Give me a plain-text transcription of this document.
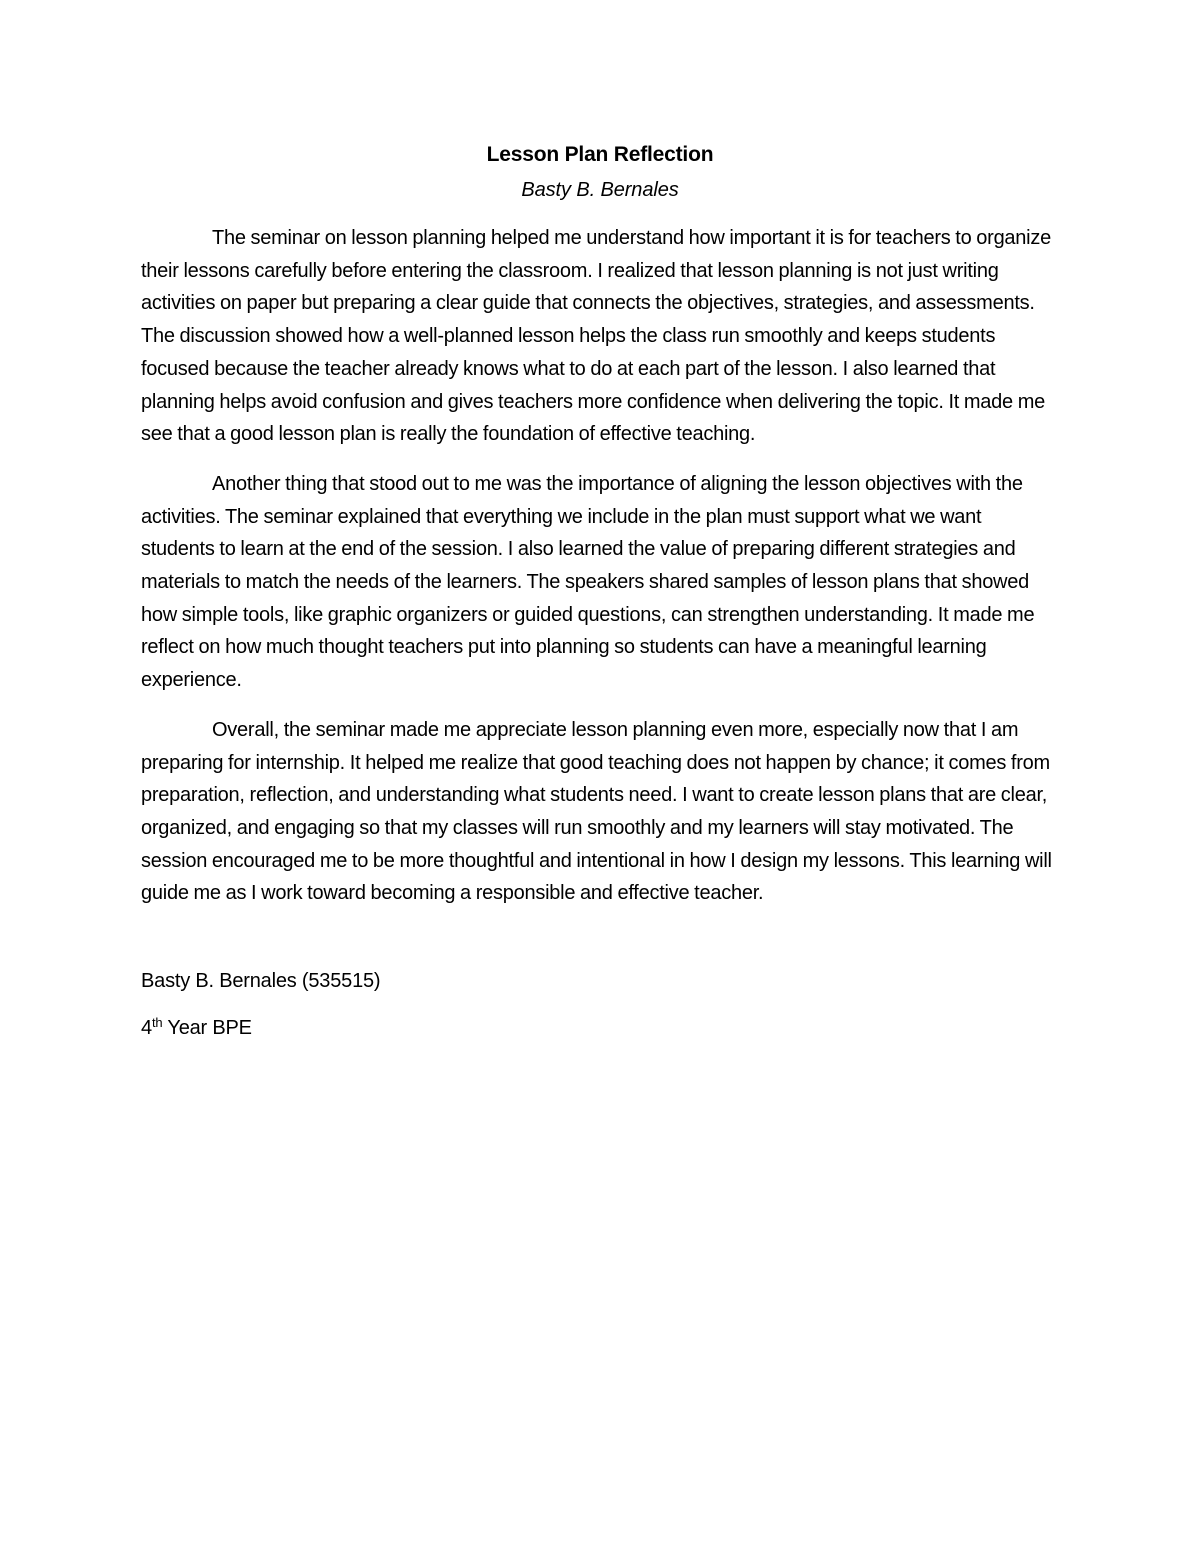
Lesson Plan Reflection

Basty B. Bernales

The seminar on lesson planning helped me understand how important it is for teachers to organize their lessons carefully before entering the classroom. I realized that lesson planning is not just writing activities on paper but preparing a clear guide that connects the objectives, strategies, and assessments. The discussion showed how a well-planned lesson helps the class run smoothly and keeps students focused because the teacher already knows what to do at each part of the lesson. I also learned that planning helps avoid confusion and gives teachers more confidence when delivering the topic. It made me see that a good lesson plan is really the foundation of effective teaching.

Another thing that stood out to me was the importance of aligning the lesson objectives with the activities. The seminar explained that everything we include in the plan must support what we want students to learn at the end of the session. I also learned the value of preparing different strategies and materials to match the needs of the learners. The speakers shared samples of lesson plans that showed how simple tools, like graphic organizers or guided questions, can strengthen understanding. It made me reflect on how much thought teachers put into planning so students can have a meaningful learning experience.

Overall, the seminar made me appreciate lesson planning even more, especially now that I am preparing for internship. It helped me realize that good teaching does not happen by chance; it comes from preparation, reflection, and understanding what students need. I want to create lesson plans that are clear, organized, and engaging so that my classes will run smoothly and my learners will stay motivated. The session encouraged me to be more thoughtful and intentional in how I design my lessons. This learning will guide me as I work toward becoming a responsible and effective teacher.

Basty B. Bernales (535515)

4th Year BPE
